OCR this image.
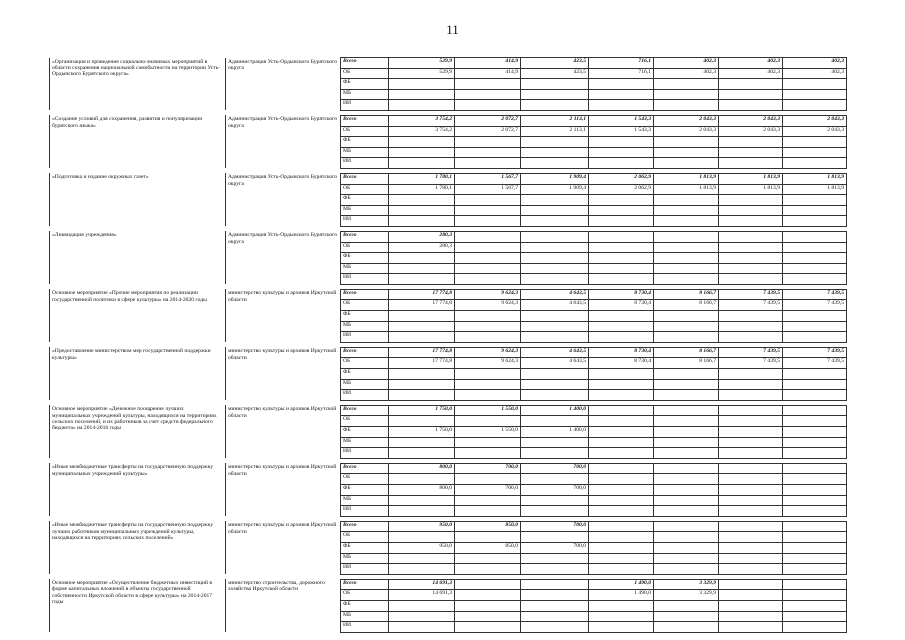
11
«Организация и проведение социально-значимых мероприятий в области сохранения национальной самобытности на территории Усть-Ордынского Бурятского округа»	Администрация Усть-Ордынского Бурятского округа	Всего	529,9	414,9	423,5	716,1	402,3	402,3	402,3
		ОБ	529,9	414,9	423,5	716,1	402,3	402,3	402,3
		ФБ							
		МБ							
		ИИ							

«Создание условий для сохранения, развития и популяризации бурятского языка»	Администрация Усть-Ордынского Бурятского округа	Всего	3 754,2	2 072,7	2 113,1	1 543,3	2 043,3	2 043,3	2 043,3
		ОБ	3 754,2	2 072,7	2 113,1	1 543,3	2 043,3	2 043,3	2 043,3
		ФБ							
		МБ							
		ИИ							

«Подготовка и издание окружных газет»	Администрация Усть-Ордынского Бурятского округа	Всего	1 780,1	1 567,7	1 909,4	2 062,9	1 813,9	1 813,9	1 813,9
		ОБ	1 780,1	1 567,7	1 909,4	2 062,9	1 813,9	1 813,9	1 813,9
		ФБ							
		МБ							
		ИИ							

«Ликвидация учреждения»	Администрация Усть-Ордынского Бурятского округа	Всего	280,3						
		ОБ	280,3						
		ФБ							
		МБ							
		ИИ							

Основное мероприятие «Прочие мероприятия по реализации государственной политики в сфере культуры» на 2014-2020 годы	министерство культуры и архивов Иркутской области	Всего	17 774,8	9 624,3	4 643,5	8 730,4	8 166,7	7 439,5	7 439,5
		ОБ	17 774,8	9 624,3	4 643,5	8 730,4	8 166,7	7 439,5	7 439,5
		ФБ							
		МБ							
		ИИ							

«Предоставление министерством мер государственной поддержки культуры»	министерство культуры и архивов Иркутской области	Всего	17 774,8	9 624,3	4 643,5	8 730,4	8 166,7	7 439,5	7 439,5
		ОБ	17 774,8	9 624,3	4 643,5	8 730,4	8 166,7	7 439,5	7 439,5
		ФБ							
		МБ							
		ИИ							

Основное мероприятие «Денежное поощрение лучших муниципальных учреждений культуры, находящихся на территориях сельских поселений, и их работников за счет средств федерального бюджета» на 2014-2016 годы	министерство культуры и архивов Иркутской области	Всего	1 750,0	1 550,0	1 400,0				
		ОБ							
		ФБ	1 750,0	1 550,0	1 400,0				
		МБ							
		ИИ							

«Иные межбюджетные трансферты на государственную поддержку муниципальных учреждений культуры»	министерство культуры и архивов Иркутской области	Всего	800,0	700,0	700,0				
		ОБ							
		ФБ	800,0	700,0	700,0				
		МБ							
		ИИ							

«Иные межбюджетные трансферты на государственную поддержку лучших работников муниципальных учреждений культуры, находящихся на территориях сельских поселений»	министерство культуры и архивов Иркутской области	Всего	950,0	850,0	700,0				
		ОБ							
		ФБ	950,0	850,0	700,0				
		МБ							
		ИИ							

Основное мероприятие «Осуществление бюджетных инвестиций в форме капитальных вложений в объекты государственной собственности Иркутской области в сфере культуры» на 2014-2017 годы	министерство строительства, дорожного хозяйства Иркутской области	Всего	14 691,3			1 490,0	3 329,9		
		ОБ	14 691,3			1 490,0	3 329,9		
		ФБ							
		МБ							
		ИИ							
